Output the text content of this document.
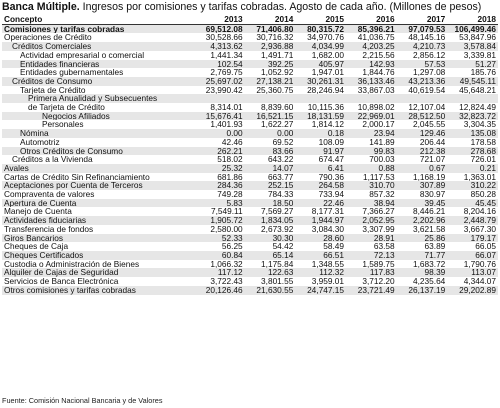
Banca Múltiple. Ingresos por comisiones y tarifas cobradas. Agosto de cada año. (Millones de pesos)
Concepto	2013	2014	2015	2016	2017	2018
Comisiones y tarifas cobradas	69,512.08	71,406.80	80,315.72	85,396.21	97,079.53	106,499.46
Operaciones de Crédito	30,528.66	30,716.32	34,970.76	41,036.75	48,145.16	53,847.96
Créditos Comerciales	4,313.62	2,936.88	4,034.99	4,203.25	4,210.73	3,578.84
Actividad empresarial o comercial	1,441.34	1,491.71	1,682.00	2,215.56	2,856.12	3,339.81
Entidades financieras	102.54	392.25	405.97	142.93	57.53	51.27
Entidades gubernamentales	2,769.75	1,052.92	1,947.01	1,844.76	1,297.08	185.76
Créditos de Consumo	25,697.02	27,138.21	30,261.31	36,133.46	43,213.36	49,545.11
Tarjeta de Crédito	23,990.42	25,360.75	28,246.94	33,867.03	40,619.54	45,648.21
Primera Anualidad y Subsecuentes						
de Tarjeta de Crédito	8,314.01	8,839.60	10,115.36	10,898.02	12,107.04	12,824.49
Negocios Afiliados	15,676.41	16,521.15	18,131.59	22,969.01	28,512.50	32,823.72
Personales	1,401.93	1,622.27	1,814.12	2,000.17	2,045.55	3,304.35
Nómina	0.00	0.00	0.18	23.94	129.46	135.08
Automotriz	42.46	69.52	108.09	141.89	206.44	178.58
Otros Créditos de Consumo	262.21	83.66	91.97	99.83	212.38	278.68
Créditos a la Vivienda	518.02	643.22	674.47	700.03	721.07	726.01
Avales	25.32	14.07	6.41	0.88	0.67	0.21
Cartas de Crédito Sin Refinanciamiento	681.86	663.77	790.36	1,117.53	1,168.19	1,363.01
Aceptaciones por Cuenta de Terceros	284.36	252.15	264.58	310.70	307.89	310.22
Compraventa de valores	749.28	784.33	733.94	857.32	830.97	850.28
Apertura de Cuenta	5.83	18.50	22.46	38.94	39.45	45.45
Manejo de Cuenta	7,549.11	7,569.27	8,177.31	7,366.27	8,446.21	8,204.16
Actividades fiduciarias	1,905.72	1,834.05	1,944.97	2,052.95	2,202.96	2,448.79
Transferencia de fondos	2,580.00	2,673.92	3,084.30	3,307.99	3,621.58	3,667.30
Giros Bancarios	52.33	30.30	28.60	28.91	25.86	179.17
Cheques de Caja	56.25	54.42	58.49	63.58	63.89	66.05
Cheques Certificados	60.84	65.14	66.51	72.13	71.77	66.07
Custodia o Administración de Bienes	1,066.32	1,175.84	1,348.55	1,589.75	1,683.72	1,790.76
Alquiler de Cajas de Seguridad	117.12	122.63	112.32	117.83	98.39	113.07
Servicios de Banca Electrónica	3,722.43	3,801.55	3,959.01	3,712.20	4,235.64	4,344.07
Otros comisiones y tarifas cobradas	20,126.46	21,630.55	24,747.15	23,721.49	26,137.19	29,202.89
Fuente: Comisión Nacional Bancaria y de Valores
